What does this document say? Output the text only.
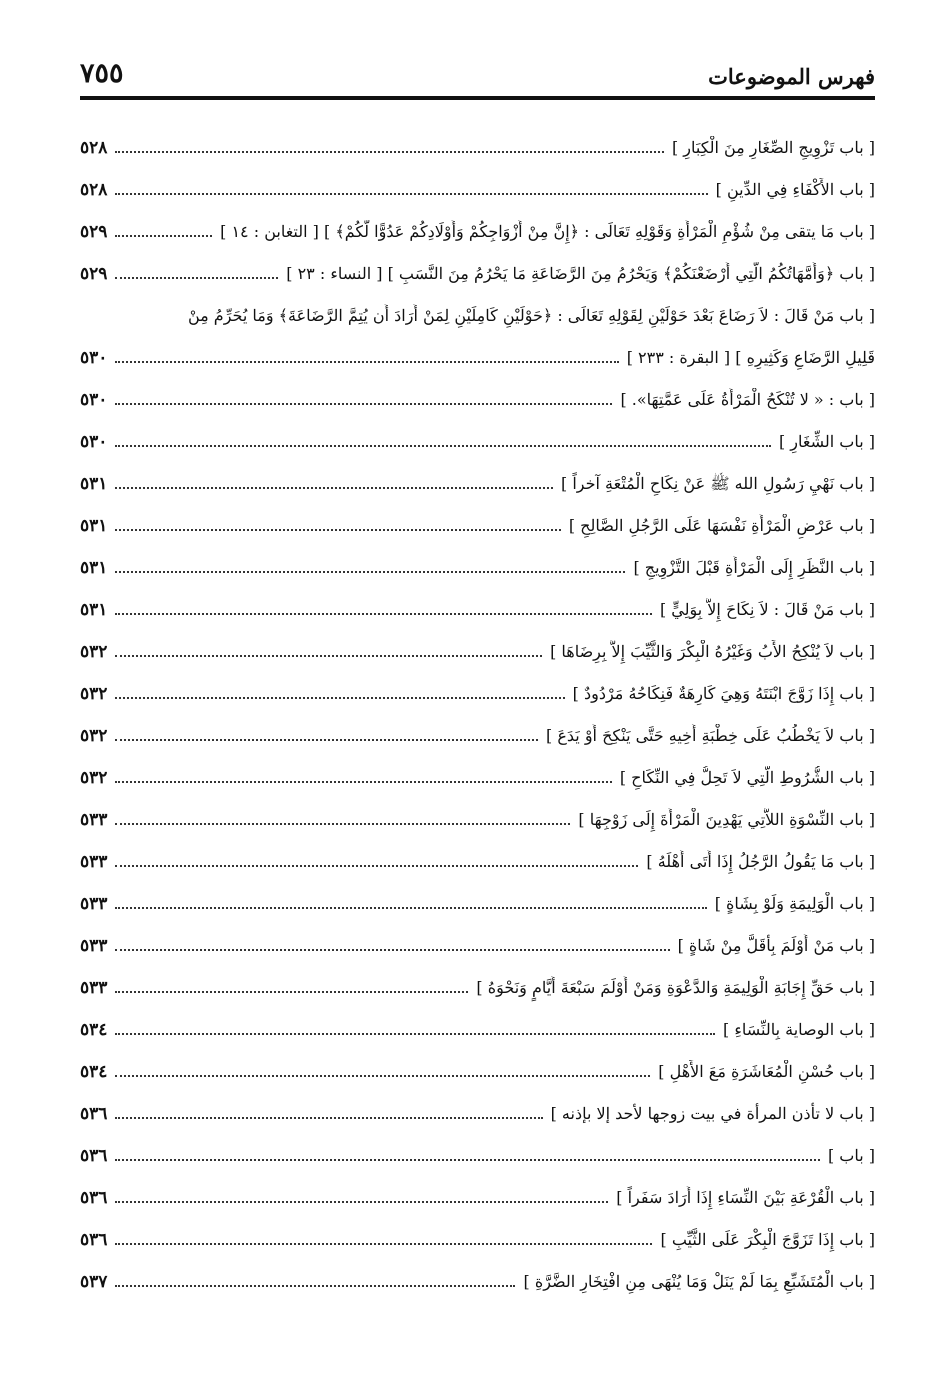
فهرس الموضوعات
٧٥٥
[ باب تَزْوِيجِ الصِّغَارِ مِنَ الْكِبَارِ ]
٥٢٨
[ باب الأَكْفَاءِ فِي الدِّينِ ]
٥٢٨
[ باب مَا يتقى مِنْ شُؤْمِ الْمَرْأَةِ وَقَوْلِهِ تَعَالَى : ﴿إِنَّ مِنْ أَزْوَاجِكُمْ وَأَوْلَادِكُمْ عَدُوًّا لَّكُمْ﴾ ] [ التغابن : ١٤ ]
٥٢٩
[ باب ﴿وَأُمَّهَاتُكُمُ الَّتِي أَرْضَعْنَكُمْ﴾ وَيَحْرُمُ مِنَ الرَّضَاعَةِ مَا يَحْرُمُ مِنَ النَّسَبِ ] [ النساء : ٢٣ ]
٥٢٩
[ باب مَنْ قَالَ : لاَ رَضَاعَ بَعْدَ حَوْلَيْنِ لِقَوْلِهِ تَعَالَى : ﴿حَوْلَيْنِ كَامِلَيْنِ لِمَنْ أَرَادَ أَن يُتِمَّ الرَّضَاعَةَ﴾ وَمَا يُحَرِّمُ مِنْ
قَلِيلِ الرَّضَاعِ وَكَثِيرِهِ ] [ البقرة : ٢٣٣ ]
٥٣٠
[ باب : « لا تُنْكَحُ الْمَرْأَةُ عَلَى عَمَّتِهَا». ]
٥٣٠
[ باب الشِّغَارِ ]
٥٣٠
[ باب نَهْيِ رَسُولِ الله ﷺ عَنْ نِكَاحِ الْمُتْعَةِ آخراً ]
٥٣١
[ باب عَرْضِ الْمَرْأَةِ نَفْسَهَا عَلَى الرَّجُلِ الصَّالِحِ ]
٥٣١
[ باب النَّظَرِ إِلَى الْمَرْأَةِ قَبْلَ التَّزْوِيجِ ]
٥٣١
[ باب مَنْ قَالَ : لاَ نِكَاحَ إِلاَّ بِوَلِيٍّ ]
٥٣١
[ باب لاَ يُنْكِحُ الأَبُ وَغَيْرُهُ الْبِكْرَ وَالثَّيِّبَ إِلاَّ بِرِضَاهَا ]
٥٣٢
[ باب إِذَا زَوَّجَ ابْنَتَهُ وَهِيَ كَارِهَةٌ فَنِكَاحُهُ مَرْدُودٌ ]
٥٣٢
[ باب لاَ يَخْطُبُ عَلَى خِطْبَةِ أَخِيهِ حَتَّى يَنْكِحَ أَوْ يَدَعَ ]
٥٣٢
[ باب الشُّرُوطِ الَّتِي لاَ تَحِلُّ فِي النِّكَاحِ ]
٥٣٢
[ باب النِّسْوَةِ اللاَّتِي يَهْدِينَ الْمَرْأَةَ إِلَى زَوْجِهَا ]
٥٣٣
[ باب مَا يَقُولُ الرَّجُلُ إِذَا أَتَى أَهْلَهُ ]
٥٣٣
[ باب الْوَلِيمَةِ وَلَوْ بِشَاةٍ ]
٥٣٣
[ باب مَنْ أَوْلَمَ بِأَقَلَّ مِنْ شَاةٍ ]
٥٣٣
[ باب حَقِّ إِجَابَةِ الْوَلِيمَةِ وَالدَّعْوَةِ وَمَنْ أَوْلَمَ سَبْعَةَ أَيَّامٍ وَنَحْوَهُ ]
٥٣٣
[ باب الوصاية بِالنِّسَاءِ ]
٥٣٤
[ باب حُسْنِ الْمُعَاشَرَةِ مَعَ الأَهْلِ ]
٥٣٤
[ باب لا تأذن المرأة في بيت زوجها لأحد إلا بإذنه ]
٥٣٦
[ باب ]
٥٣٦
[ باب الْقُرْعَةِ بَيْنَ النِّسَاءِ إِذَا أَرَادَ سَفَراً ]
٥٣٦
[ باب إِذَا تَزَوَّجَ الْبِكْرَ عَلَى الثَّيِّبِ ]
٥٣٦
[ باب الْمُتَشَبِّعِ بِمَا لَمْ يَنَلْ وَمَا يُنْهَى مِنِ افْتِخَارِ الضَّرَّةِ ]
٥٣٧
